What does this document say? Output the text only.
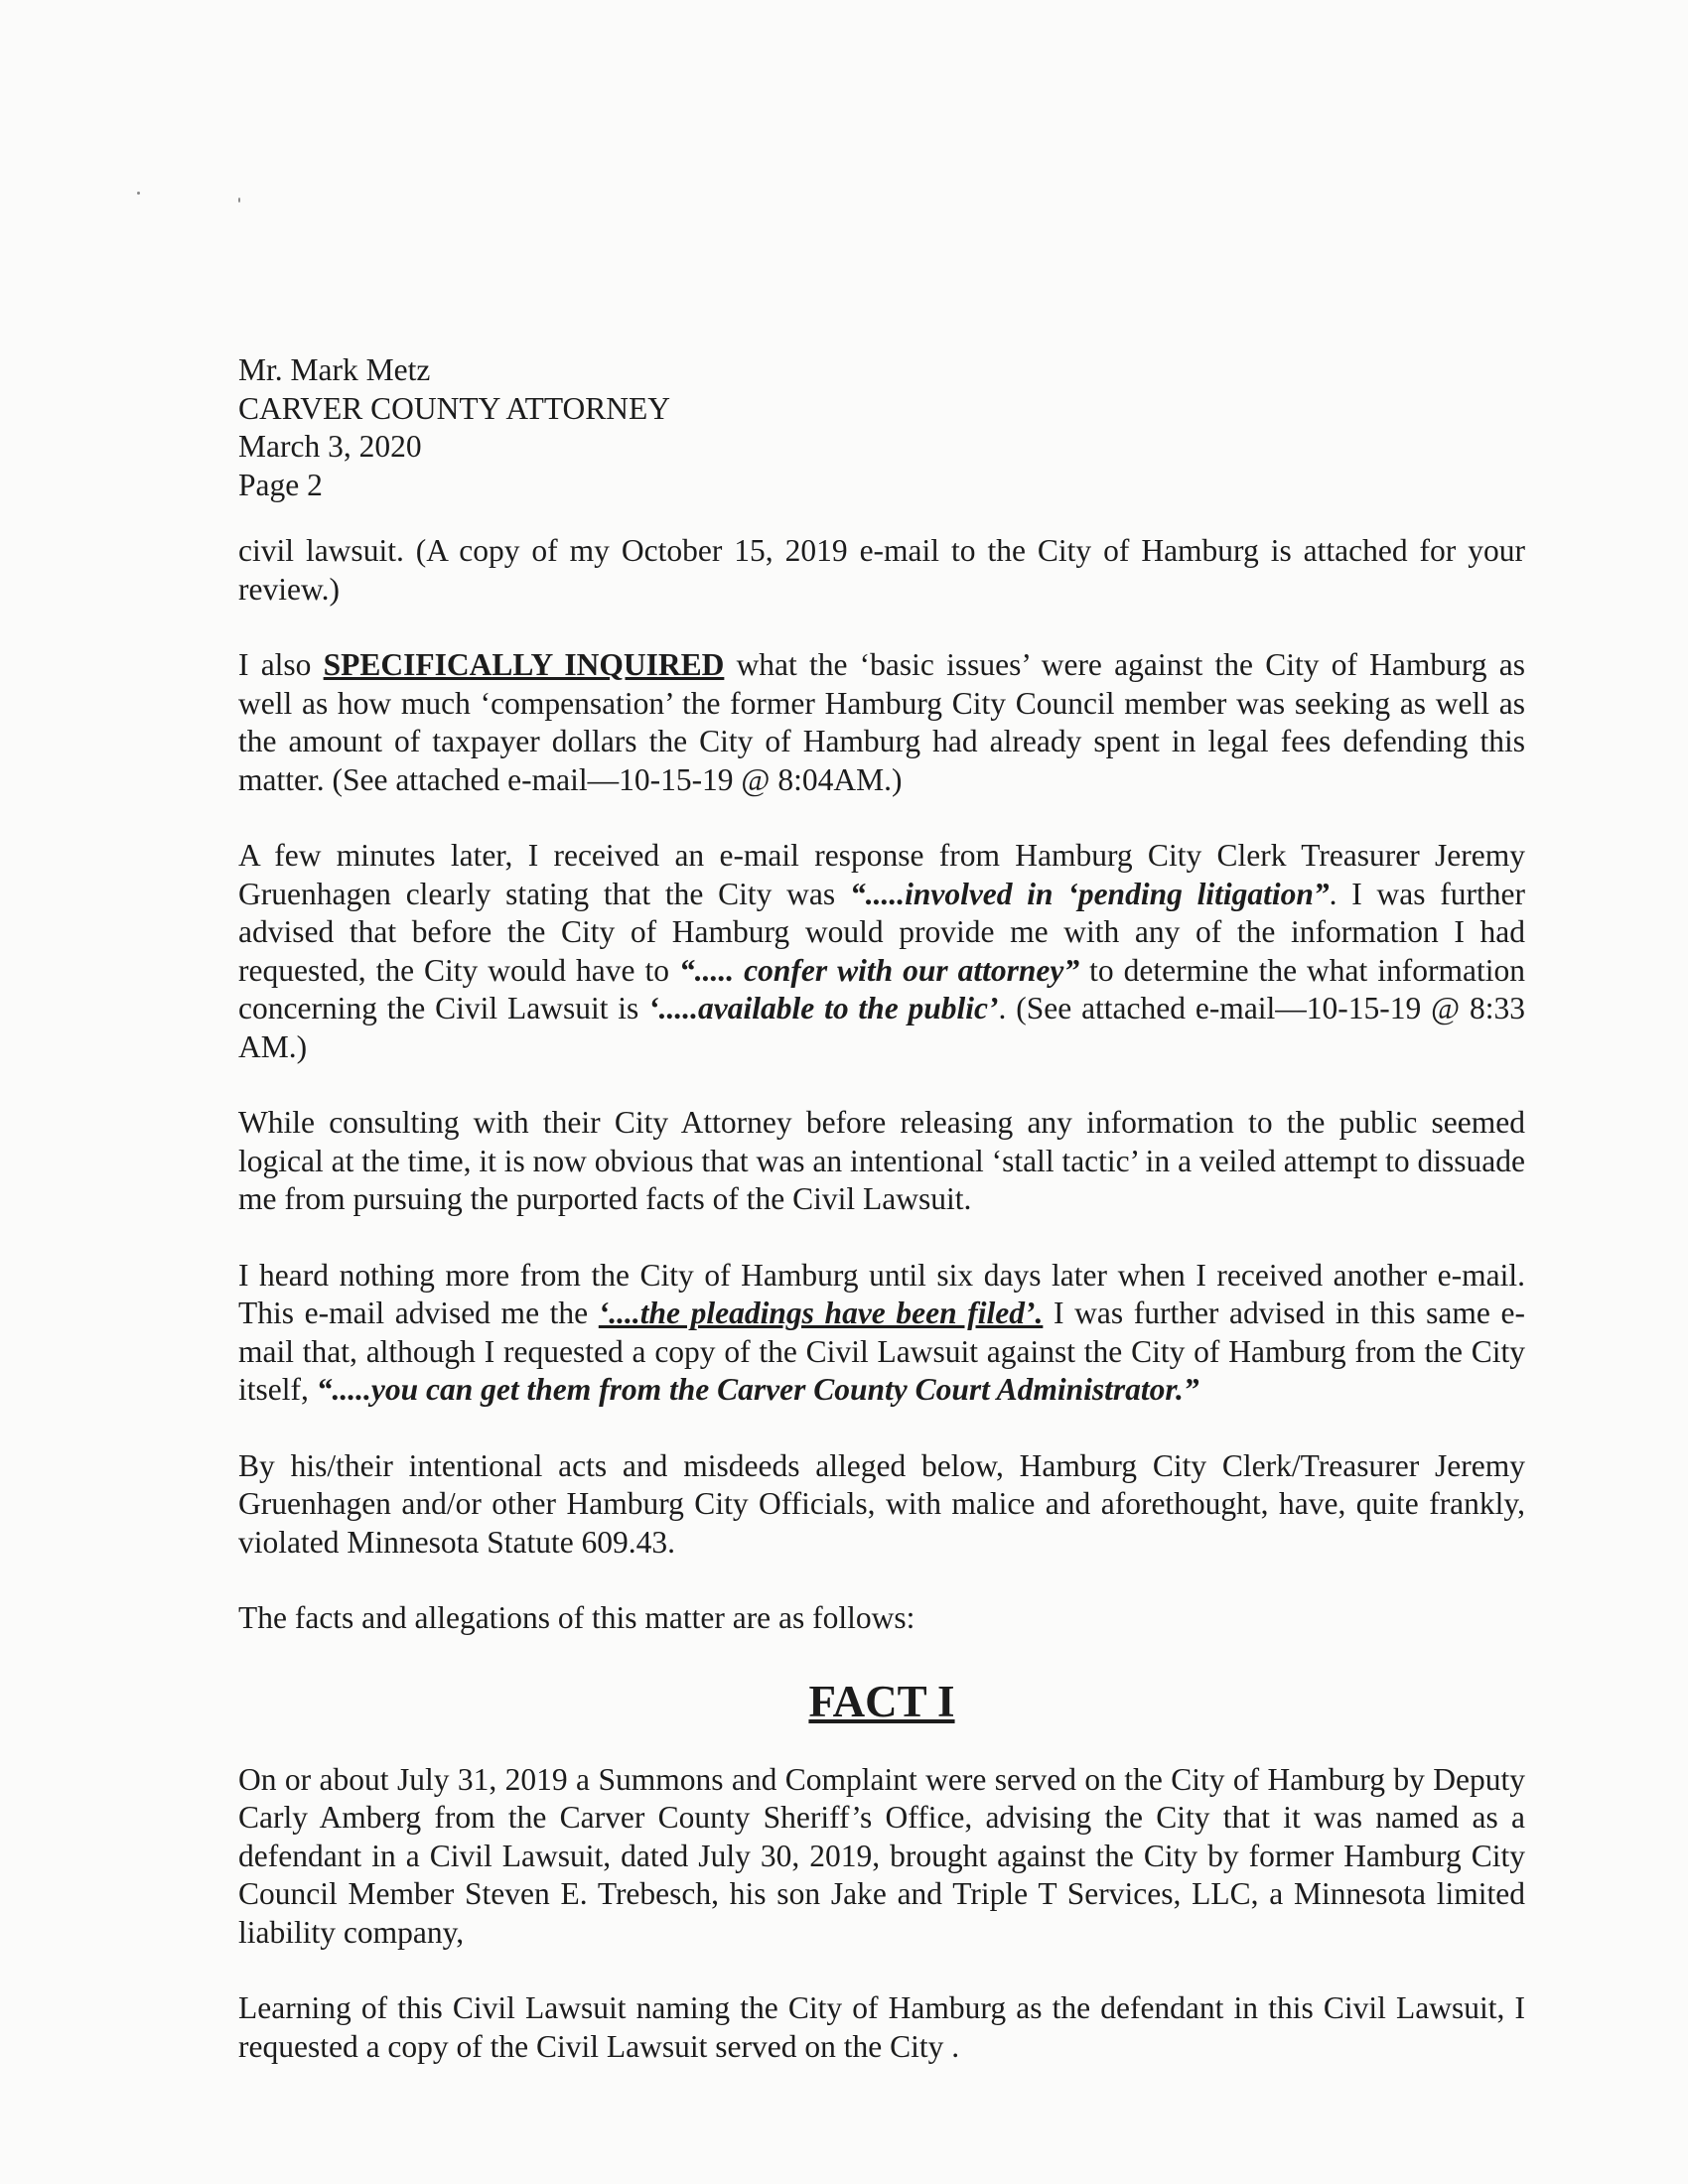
Mr. Mark Metz

CARVER COUNTY ATTORNEY

March 3, 2020

Page 2

civil lawsuit. (A copy of my October 15, 2019 e-mail to the City of Hamburg is attached for your review.)

I also SPECIFICALLY INQUIRED what the ‘basic issues’ were against the City of Hamburg as well as how much ‘compensation’ the former Hamburg City Council member was seeking as well as the amount of taxpayer dollars the City of Hamburg had already spent in legal fees defending this matter. (See attached e-mail—10-15-19 @ 8:04AM.)

A few minutes later, I received an e-mail response from Hamburg City Clerk Treasurer Jeremy Gruenhagen clearly stating that the City was “.....involved in ‘pending litigation”. I was further advised that before the City of Hamburg would provide me with any of the information I had requested, the City would have to “..... confer with our attorney” to determine the what information concerning the Civil Lawsuit is ‘.....available to the public’. (See attached e-mail—10-15-19 @ 8:33 AM.)

While consulting with their City Attorney before releasing any information to the public seemed logical at the time, it is now obvious that was an intentional ‘stall tactic’ in a veiled attempt to dissuade me from pursuing the purported facts of the Civil Lawsuit.

I heard nothing more from the City of Hamburg until six days later when I received another e-mail. This e-mail advised me the ‘....the pleadings have been filed’. I was further advised in this same e-mail that, although I requested a copy of the Civil Lawsuit against the City of Hamburg from the City itself, “.....you can get them from the Carver County Court Administrator.”

By his/their intentional acts and misdeeds alleged below, Hamburg City Clerk/Treasurer Jeremy Gruenhagen and/or other Hamburg City Officials, with malice and aforethought, have, quite frankly, violated Minnesota Statute 609.43.

The facts and allegations of this matter are as follows:

FACT I

On or about July 31, 2019 a Summons and Complaint were served on the City of Hamburg by Deputy Carly Amberg from the Carver County Sheriff’s Office, advising the City that it was named as a defendant in a Civil Lawsuit, dated July 30, 2019, brought against the City by former Hamburg City Council Member Steven E. Trebesch, his son Jake and Triple T Services, LLC, a Minnesota limited liability company,

Learning of this Civil Lawsuit naming the City of Hamburg as the defendant in this Civil Lawsuit, I requested a copy of the Civil Lawsuit served on the City .
